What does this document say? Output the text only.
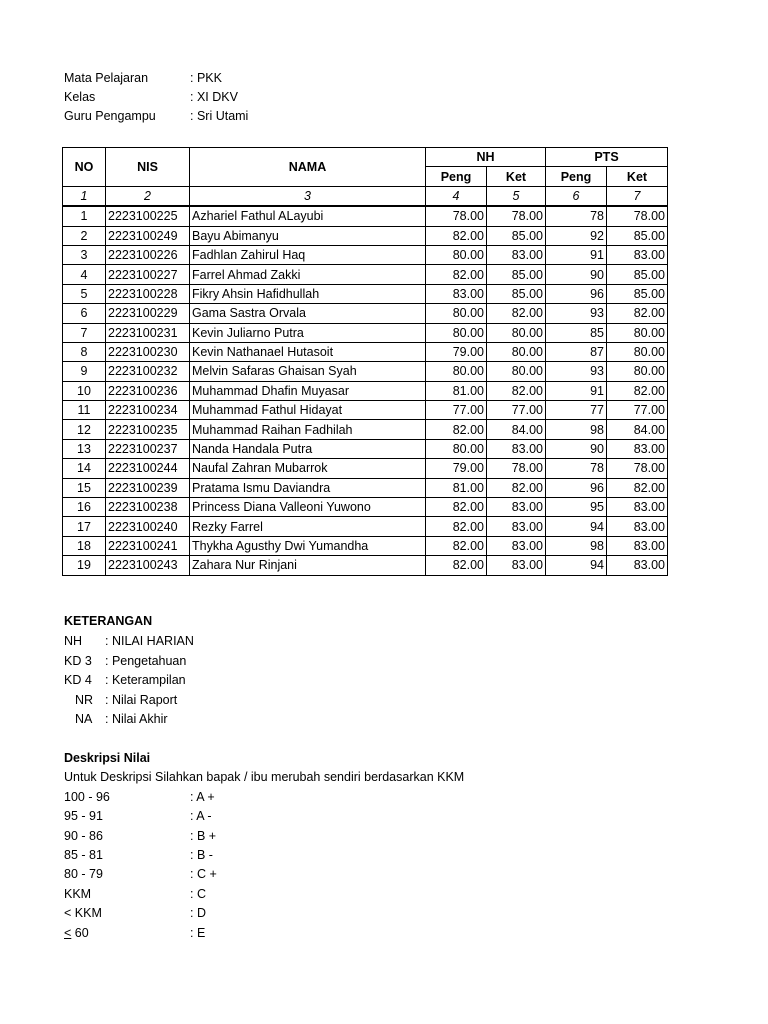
Mata Pelajaran	: PKK
Kelas	: XI DKV
Guru Pengampu	: Sri Utami
NO	NIS	NAMA	NH		PTS	
			Peng	Ket	Peng	Ket
1	2	3	4	5	6	7
1	2223100225	Azhariel Fathul ALayubi	78.00	78.00	78	78.00
2	2223100249	Bayu Abimanyu	82.00	85.00	92	85.00
3	2223100226	Fadhlan Zahirul Haq	80.00	83.00	91	83.00
4	2223100227	Farrel Ahmad Zakki	82.00	85.00	90	85.00
5	2223100228	Fikry Ahsin Hafidhullah	83.00	85.00	96	85.00
6	2223100229	Gama Sastra Orvala	80.00	82.00	93	82.00
7	2223100231	Kevin Juliarno Putra	80.00	80.00	85	80.00
8	2223100230	Kevin Nathanael Hutasoit	79.00	80.00	87	80.00
9	2223100232	Melvin Safaras Ghaisan Syah	80.00	80.00	93	80.00
10	2223100236	Muhammad Dhafin Muyasar	81.00	82.00	91	82.00
11	2223100234	Muhammad Fathul Hidayat	77.00	77.00	77	77.00
12	2223100235	Muhammad Raihan Fadhilah	82.00	84.00	98	84.00
13	2223100237	Nanda Handala Putra	80.00	83.00	90	83.00
14	2223100244	Naufal Zahran Mubarrok	79.00	78.00	78	78.00
15	2223100239	Pratama Ismu Daviandra	81.00	82.00	96	82.00
16	2223100238	Princess Diana Valleoni Yuwono	82.00	83.00	95	83.00
17	2223100240	Rezky Farrel	82.00	83.00	94	83.00
18	2223100241	Thykha Agusthy Dwi Yumandha	82.00	83.00	98	83.00
19	2223100243	Zahara Nur Rinjani	82.00	83.00	94	83.00
KETERANGAN
NH : NILAI HARIAN
KD 3 : Pengetahuan
KD 4 : Keterampilan
NR : Nilai Raport
NA : Nilai Akhir
Deskripsi Nilai
Untuk Deskripsi Silahkan bapak / ibu merubah sendiri berdasarkan KKM
100 - 96	: A +
95 - 91	: A -
90 - 86	: B +
85 - 81	: B -
80 - 79	: C +
KKM	: C
< KKM	: D
≤ 60	: E
